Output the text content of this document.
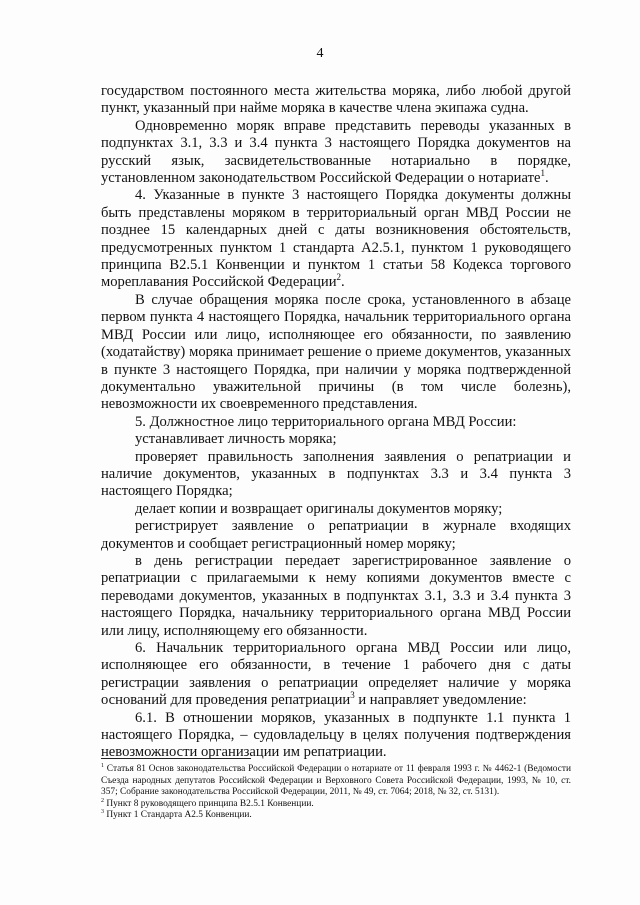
4

государством постоянного места жительства моряка, либо любой другой пункт, указанный при найме моряка в качестве члена экипажа судна.

Одновременно моряк вправе представить переводы указанных в подпунктах 3.1, 3.3 и 3.4 пункта 3 настоящего Порядка документов на русский язык, засвидетельствованные нотариально в порядке, установленном законодательством Российской Федерации о нотариате$^1$.

4. Указанные в пункте 3 настоящего Порядка документы должны быть представлены моряком в территориальный орган МВД России не позднее 15 календарных дней с даты возникновения обстоятельств, предусмотренных пунктом 1 стандарта A2.5.1, пунктом 1 руководящего принципа B2.5.1 Конвенции и пунктом 1 статьи 58 Кодекса торгового мореплавания Российской Федерации$^2$.

В случае обращения моряка после срока, установленного в абзаце первом пункта 4 настоящего Порядка, начальник территориального органа МВД России или лицо, исполняющее его обязанности, по заявлению (ходатайству) моряка принимает решение о приеме документов, указанных в пункте 3 настоящего Порядка, при наличии у моряка подтвержденной документально уважительной причины (в том числе болезнь), невозможности их своевременного представления.

5. Должностное лицо территориального органа МВД России:

устанавливает личность моряка;

проверяет правильность заполнения заявления о репатриации и наличие документов, указанных в подпунктах 3.3 и 3.4 пункта 3 настоящего Порядка;

делает копии и возвращает оригиналы документов моряку;

регистрирует заявление о репатриации в журнале входящих документов и сообщает регистрационный номер моряку;

в день регистрации передает зарегистрированное заявление о репатриации с прилагаемыми к нему копиями документов вместе с переводами документов, указанных в подпунктах 3.1, 3.3 и 3.4 пункта 3 настоящего Порядка, начальнику территориального органа МВД России или лицу, исполняющему его обязанности.

6. Начальник территориального органа МВД России или лицо, исполняющее его обязанности, в течение 1 рабочего дня с даты регистрации заявления о репатриации определяет наличие у моряка оснований для проведения репатриации$^3$ и направляет уведомление:

6.1. В отношении моряков, указанных в подпункте 1.1 пункта 1 настоящего Порядка, – судовладельцу в целях получения подтверждения невозможности организации им репатриации.

$^1$ Статья 81 Основ законодательства Российской Федерации о нотариате от 11 февраля 1993 г. № 4462-1 (Ведомости Съезда народных депутатов Российской Федерации и Верховного Совета Российской Федерации, 1993, № 10, ст. 357; Собрание законодательства Российской Федерации, 2011, № 49, ст. 7064; 2018, № 32, ст. 5131).

$^2$ Пункт 8 руководящего принципа B2.5.1 Конвенции.

$^3$ Пункт 1 Стандарта A2.5 Конвенции.
